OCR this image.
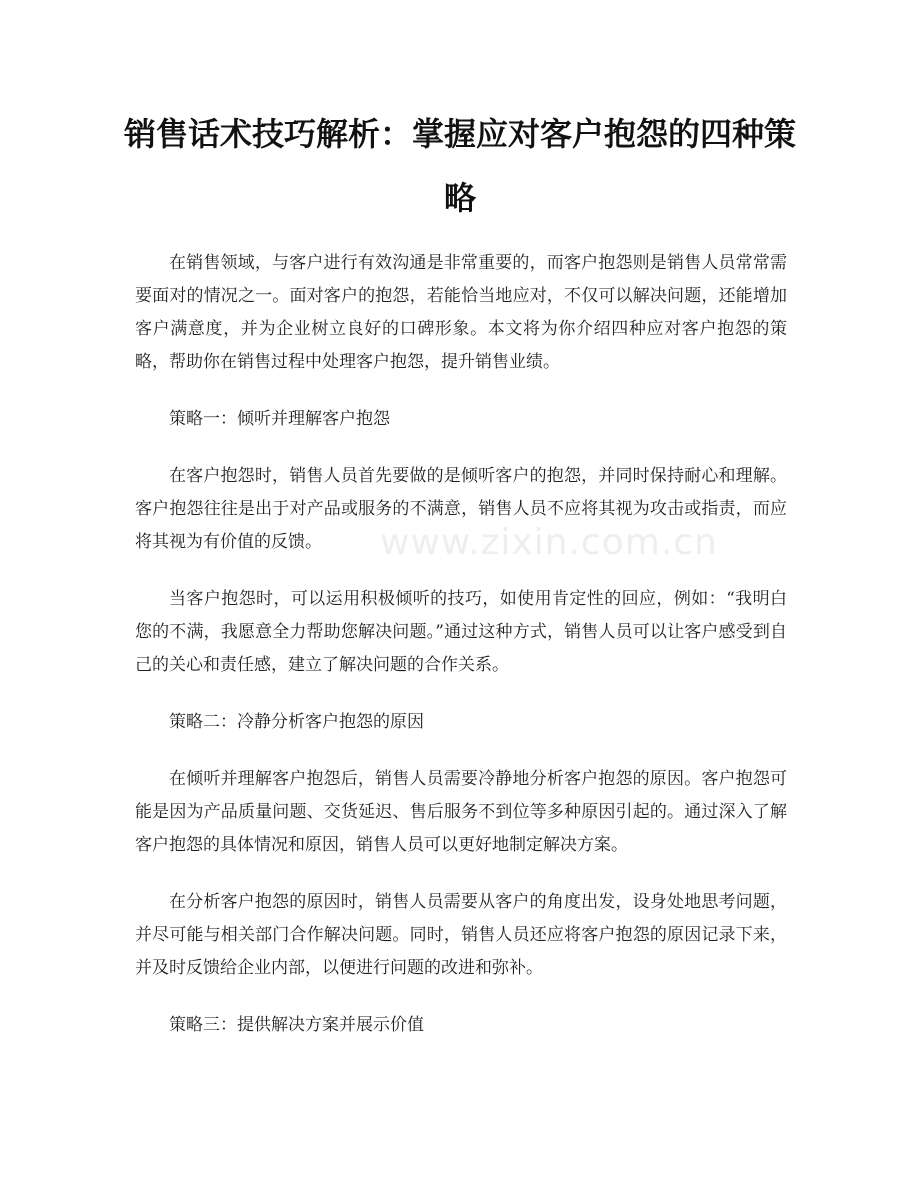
销售话术技巧解析：掌握应对客户抱怨的四种策略

在销售领域，与客户进行有效沟通是非常重要的，而客户抱怨则是销售人员常常需要面对的情况之一。面对客户的抱怨，若能恰当地应对，不仅可以解决问题，还能增加客户满意度，并为企业树立良好的口碑形象。本文将为你介绍四种应对客户抱怨的策略，帮助你在销售过程中处理客户抱怨，提升销售业绩。

策略一：倾听并理解客户抱怨

在客户抱怨时，销售人员首先要做的是倾听客户的抱怨，并同时保持耐心和理解。客户抱怨往往是出于对产品或服务的不满意，销售人员不应将其视为攻击或指责，而应将其视为有价值的反馈。

当客户抱怨时，可以运用积极倾听的技巧，如使用肯定性的回应，例如：“我明白您的不满，我愿意全力帮助您解决问题。”通过这种方式，销售人员可以让客户感受到自己的关心和责任感，建立了解决问题的合作关系。

策略二：冷静分析客户抱怨的原因

在倾听并理解客户抱怨后，销售人员需要冷静地分析客户抱怨的原因。客户抱怨可能是因为产品质量问题、交货延迟、售后服务不到位等多种原因引起的。通过深入了解客户抱怨的具体情况和原因，销售人员可以更好地制定解决方案。

在分析客户抱怨的原因时，销售人员需要从客户的角度出发，设身处地思考问题，并尽可能与相关部门合作解决问题。同时，销售人员还应将客户抱怨的原因记录下来，并及时反馈给企业内部，以便进行问题的改进和弥补。

策略三：提供解决方案并展示价值

www.zixin.com.cn
